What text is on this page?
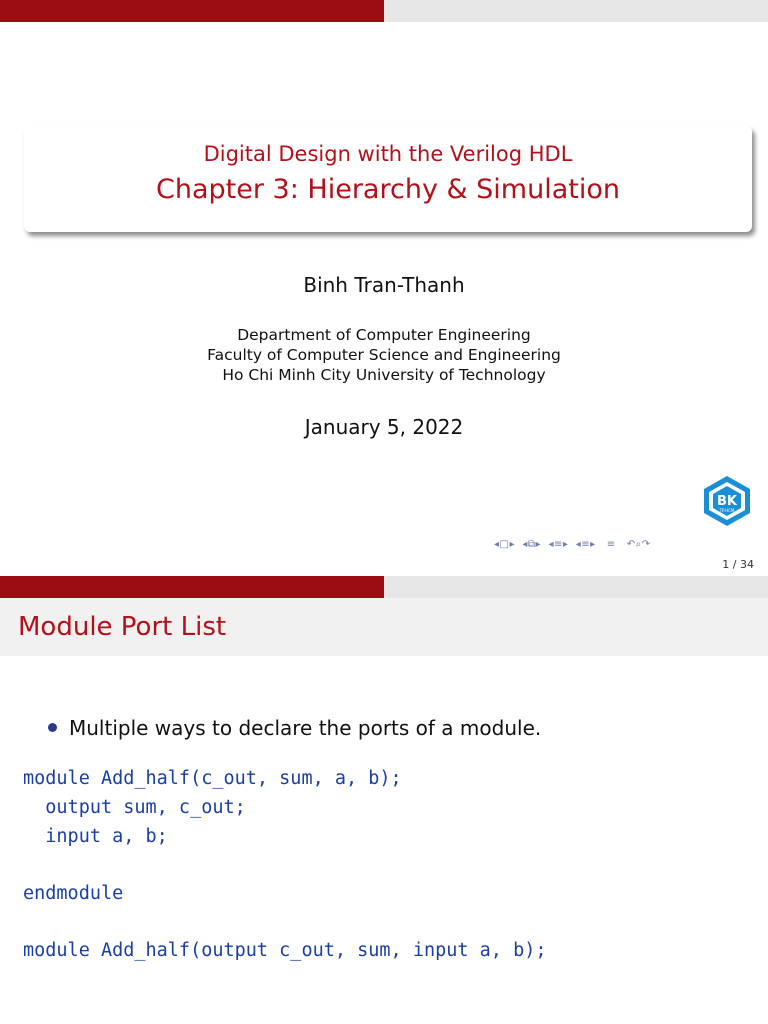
Digital Design with the Verilog HDL
Chapter 3: Hierarchy & Simulation
Binh Tran-Thanh
Department of Computer Engineering
Faculty of Computer Science and Engineering
Ho Chi Minh City University of Technology
January 5, 2022
BK
TP.HCM
◂□▸ ◂⧉▸ ◂≡▸ ◂≡▸ ≡ ↶⌕↷
1 / 34
Module Port List
Multiple ways to declare the ports of a module.
module Add_half(c_out, sum, a, b);
output sum, c_out;
input a, b;
endmodule
module Add_half(output c_out, sum, input a, b);
